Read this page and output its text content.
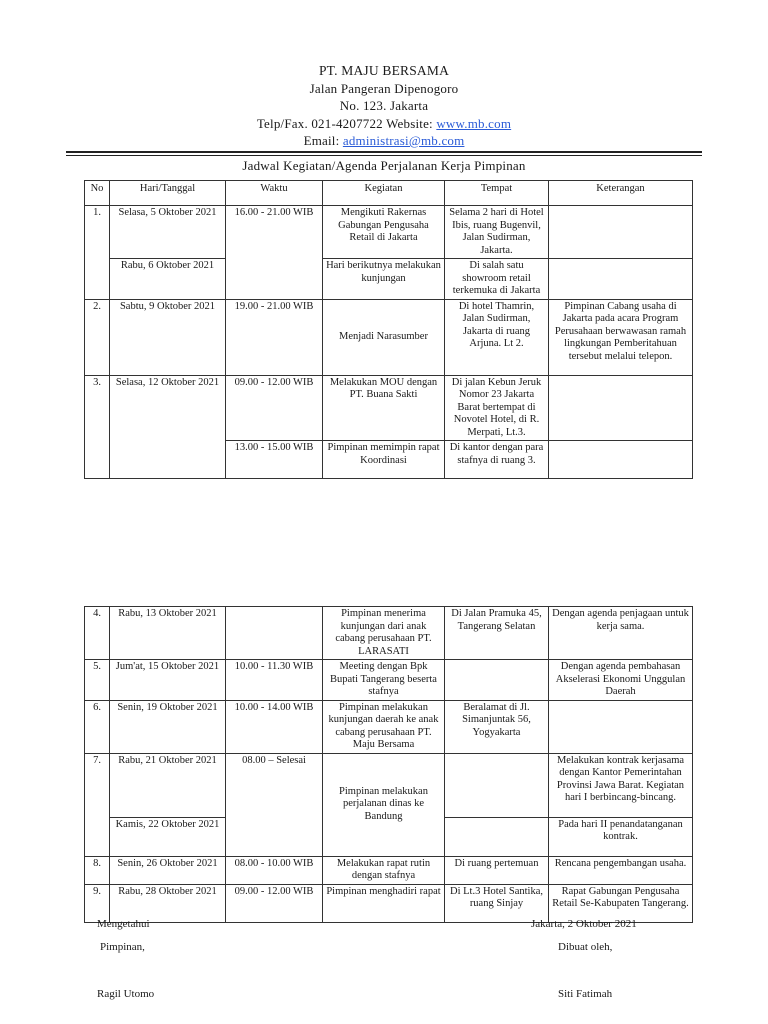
PT. MAJU BERSAMA
Jalan Pangeran Dipenogoro
No. 123. Jakarta
Telp/Fax. 021-4207722 Website: www.mb.com
Email: administrasi@mb.com
Jadwal Kegiatan/Agenda Perjalanan Kerja Pimpinan
No	Hari/Tanggal	Waktu	Kegiatan	Tempat	Keterangan
1.	Selasa, 5 Oktober 2021	16.00 - 21.00 WIB	Mengikuti Rakernas Gabungan Pengusaha Retail di Jakarta	Selama 2 hari di Hotel Ibis, ruang Bugenvil, Jalan Sudirman, Jakarta.	
	Rabu, 6 Oktober 2021		Hari berikutnya melakukan kunjungan	Di salah satu showroom retail terkemuka di Jakarta	
2.	Sabtu, 9 Oktober 2021	19.00 - 21.00 WIB	Menjadi Narasumber	Di hotel Thamrin, Jalan Sudirman, Jakarta di ruang Arjuna. Lt 2.	Pimpinan Cabang usaha di Jakarta pada acara Program Perusahaan berwawasan ramah lingkungan Pemberitahuan tersebut melalui telepon.
3.	Selasa, 12 Oktober 2021	09.00 - 12.00 WIB	Melakukan MOU dengan PT. Buana Sakti	Di jalan Kebun Jeruk Nomor 23 Jakarta Barat bertempat di Novotel Hotel, di R. Merpati, Lt.3.	
		13.00 - 15.00 WIB	Pimpinan memimpin rapat Koordinasi	Di kantor dengan para stafnya di ruang 3.	
4.	Rabu, 13 Oktober 2021		Pimpinan menerima kunjungan dari anak cabang perusahaan PT. LARASATI	Di Jalan Pramuka 45, Tangerang Selatan	Dengan agenda penjagaan untuk kerja sama.
5.	Jum'at, 15 Oktober 2021	10.00 - 11.30 WIB	Meeting dengan Bpk Bupati Tangerang beserta stafnya		Dengan agenda pembahasan Akselerasi Ekonomi Unggulan Daerah
6.	Senin, 19 Oktober 2021	10.00 - 14.00 WIB	Pimpinan melakukan kunjungan daerah ke anak cabang perusahaan PT. Maju Bersama	Beralamat di Jl. Simanjuntak 56, Yogyakarta	
7.	Rabu, 21 Oktober 2021	08.00 – Selesai	Pimpinan melakukan perjalanan dinas ke Bandung		Melakukan kontrak kerjasama dengan Kantor Pemerintahan Provinsi Jawa Barat. Kegiatan hari I berbincang-bincang.
	Kamis, 22 Oktober 2021				Pada hari II penandatanganan kontrak.
8.	Senin, 26 Oktober 2021	08.00 - 10.00 WIB	Melakukan rapat rutin dengan stafnya	Di ruang pertemuan	Rencana pengembangan usaha.
9.	Rabu, 28 Oktober 2021	09.00 - 12.00 WIB	Pimpinan menghadiri rapat	Di Lt.3 Hotel Santika, ruang Sinjay	Rapat Gabungan Pengusaha Retail Se-Kabupaten Tangerang.
Mengetahui
Pimpinan,
Ragil Utomo
Jakarta, 2 Oktober 2021
Dibuat oleh,
Siti Fatimah
